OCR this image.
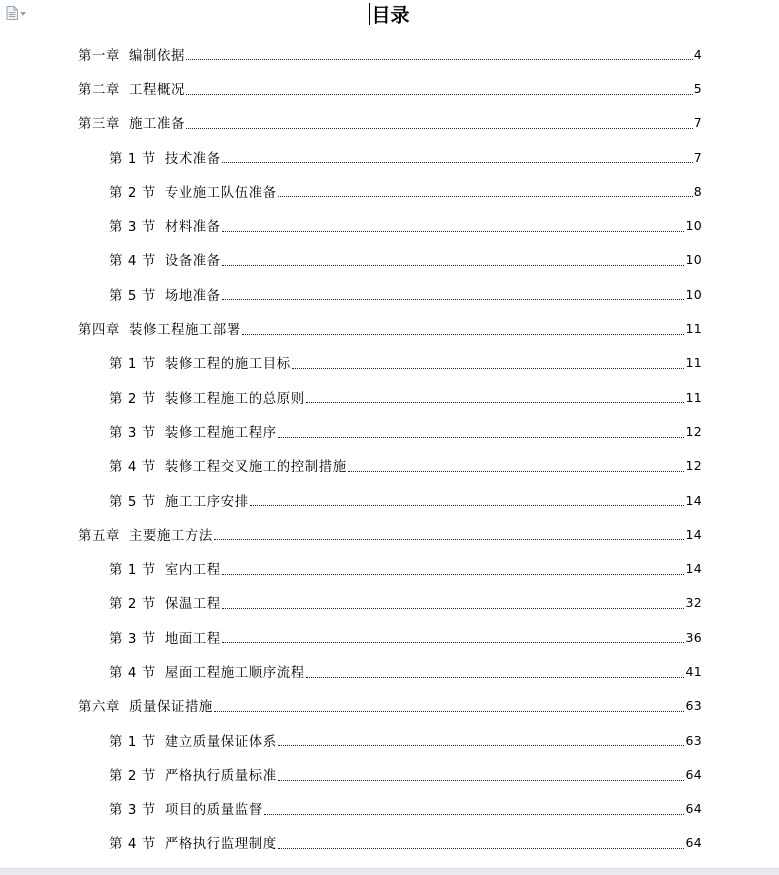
目录
第一章 编制依据	4
第二章 工程概况	5
第三章 施工准备	7
第 1 节 技术准备	7
第 2 节 专业施工队伍准备	8
第 3 节 材料准备	10
第 4 节 设备准备	10
第 5 节 场地准备	10
第四章 装修工程施工部署	11
第 1 节 装修工程的施工目标	11
第 2 节 装修工程施工的总原则	11
第 3 节 装修工程施工程序	12
第 4 节 装修工程交叉施工的控制措施	12
第 5 节 施工工序安排	14
第五章 主要施工方法	14
第 1 节 室内工程	14
第 2 节 保温工程	32
第 3 节 地面工程	36
第 4 节 屋面工程施工顺序流程	41
第六章 质量保证措施	63
第 1 节 建立质量保证体系	63
第 2 节 严格执行质量标准	64
第 3 节 项目的质量监督	64
第 4 节 严格执行监理制度	64
